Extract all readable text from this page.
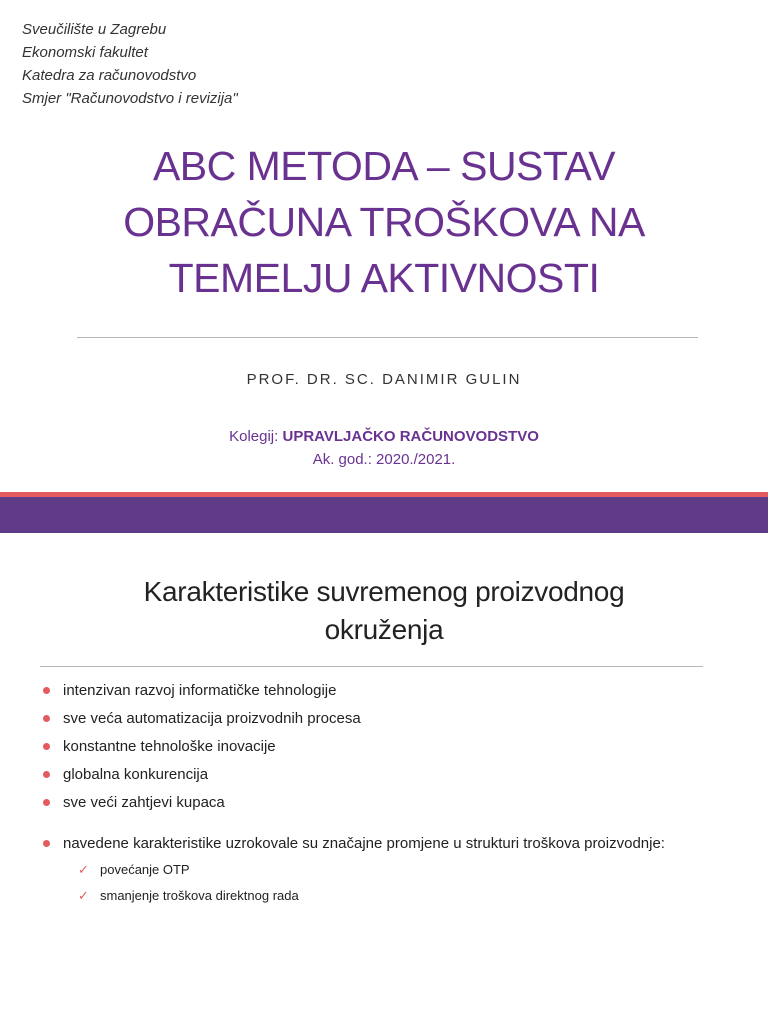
Sveučilište u Zagrebu
Ekonomski fakultet
Katedra za računovodstvo
Smjer "Računovodstvo i revizija"
ABC METODA – SUSTAV
OBRAČUNA TROŠKOVA NA
TEMELJU AKTIVNOSTI
PROF. DR. SC. DANIMIR GULIN
Kolegij: UPRAVLJAČKO RAČUNOVODSTVO
Ak. god.: 2020./2021.
Karakteristike suvremenog proizvodnog
okruženja
intenzivan razvoj informatičke tehnologije
sve veća automatizacija proizvodnih procesa
konstantne tehnološke inovacije
globalna konkurencija
sve veći zahtjevi kupaca
navedene karakteristike uzrokovale su značajne promjene u strukturi troškova proizvodnje:
✓ povećanje OTP
✓ smanjenje troškova direktnog rada
